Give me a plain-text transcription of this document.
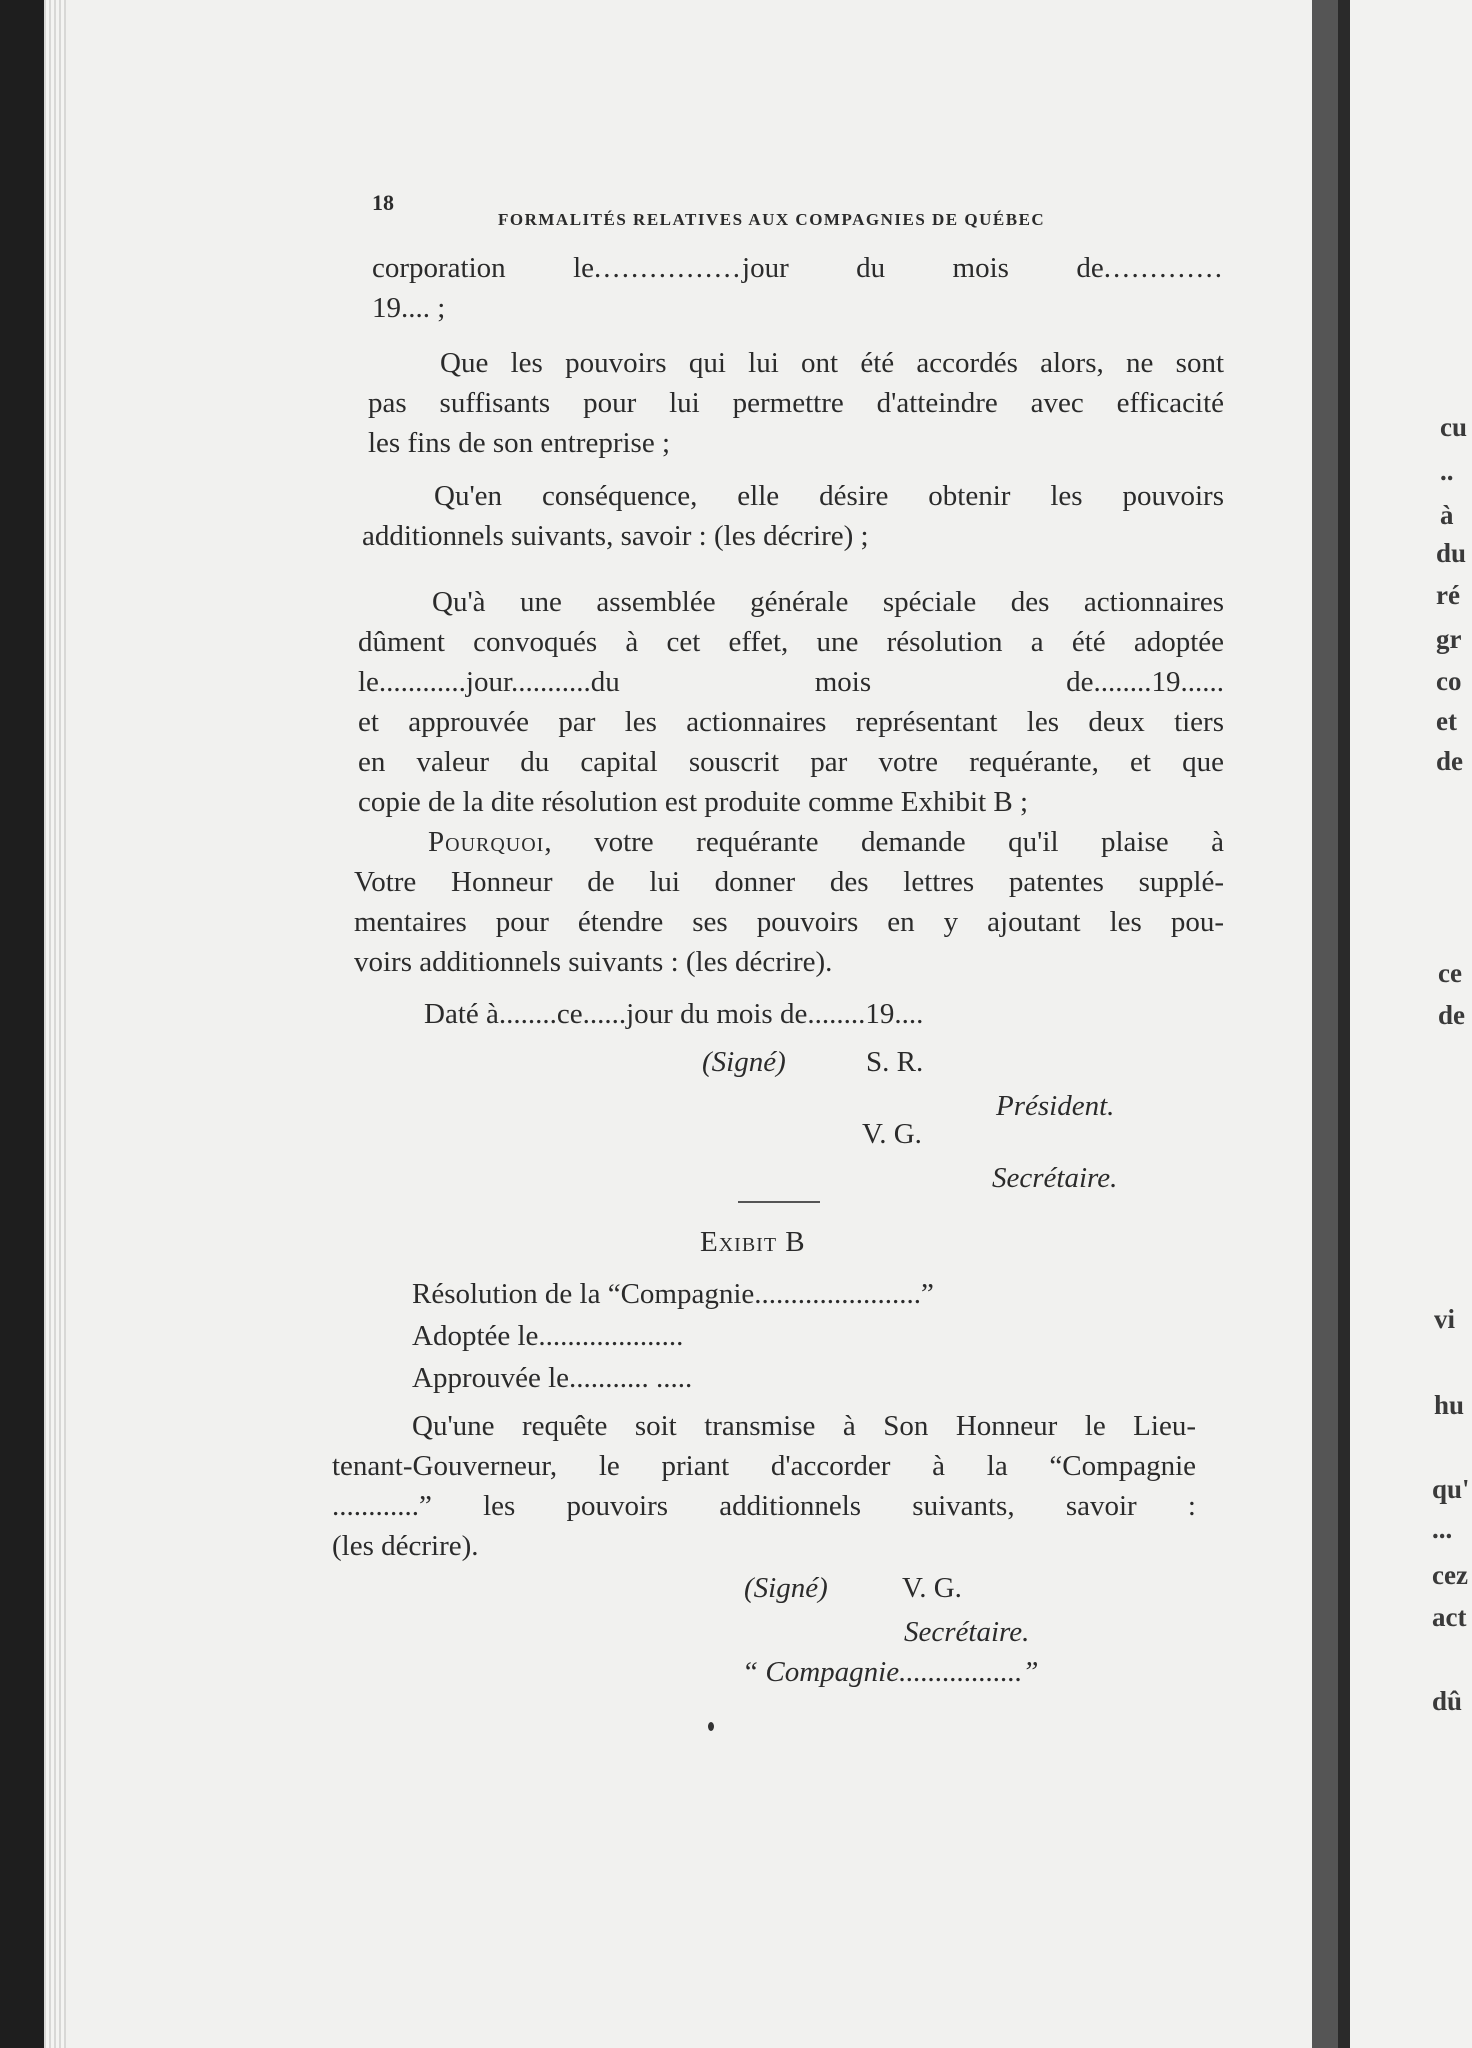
18
FORMALITÉS RELATIVES AUX COMPAGNIES DE QUÉBEC
corporation le................jour du mois de.............
19.... ;
Que les pouvoirs qui lui ont été accordés alors, ne sont
pas suffisants pour lui permettre d'atteindre avec efficacité
les fins de son entreprise ;
Qu'en conséquence, elle désire obtenir les pouvoirs
additionnels suivants, savoir : (les décrire) ;
Qu'à une assemblée générale spéciale des actionnaires
dûment convoqués à cet effet, une résolution a été adoptée
le............jour...........du mois de........19......
et approuvée par les actionnaires représentant les deux tiers
en valeur du capital souscrit par votre requérante, et que
copie de la dite résolution est produite comme Exhibit B ;
Pourquoi, votre requérante demande qu'il plaise à
Votre Honneur de lui donner des lettres patentes supplé-
mentaires pour étendre ses pouvoirs en y ajoutant les pou-
voirs additionnels suivants : (les décrire).
Daté à........ce......jour du mois de........19....
(Signé)	S. R.
Président.
V. G.
Secrétaire.
Exibit B
Résolution de la “Compagnie.......................”
Adoptée le....................
Approuvée le........... .....
Qu'une requête soit transmise à Son Honneur le Lieu-
tenant-Gouverneur, le priant d'accorder à la “Compagnie
............” les pouvoirs additionnels suivants, savoir :
(les décrire).
(Signé)	V. G.
Secrétaire.
“ Compagnie.................”
cu
..
à
du
ré
gr
co
et
de
ce
de
vi
hu
qu'
...
cez
act
dû
